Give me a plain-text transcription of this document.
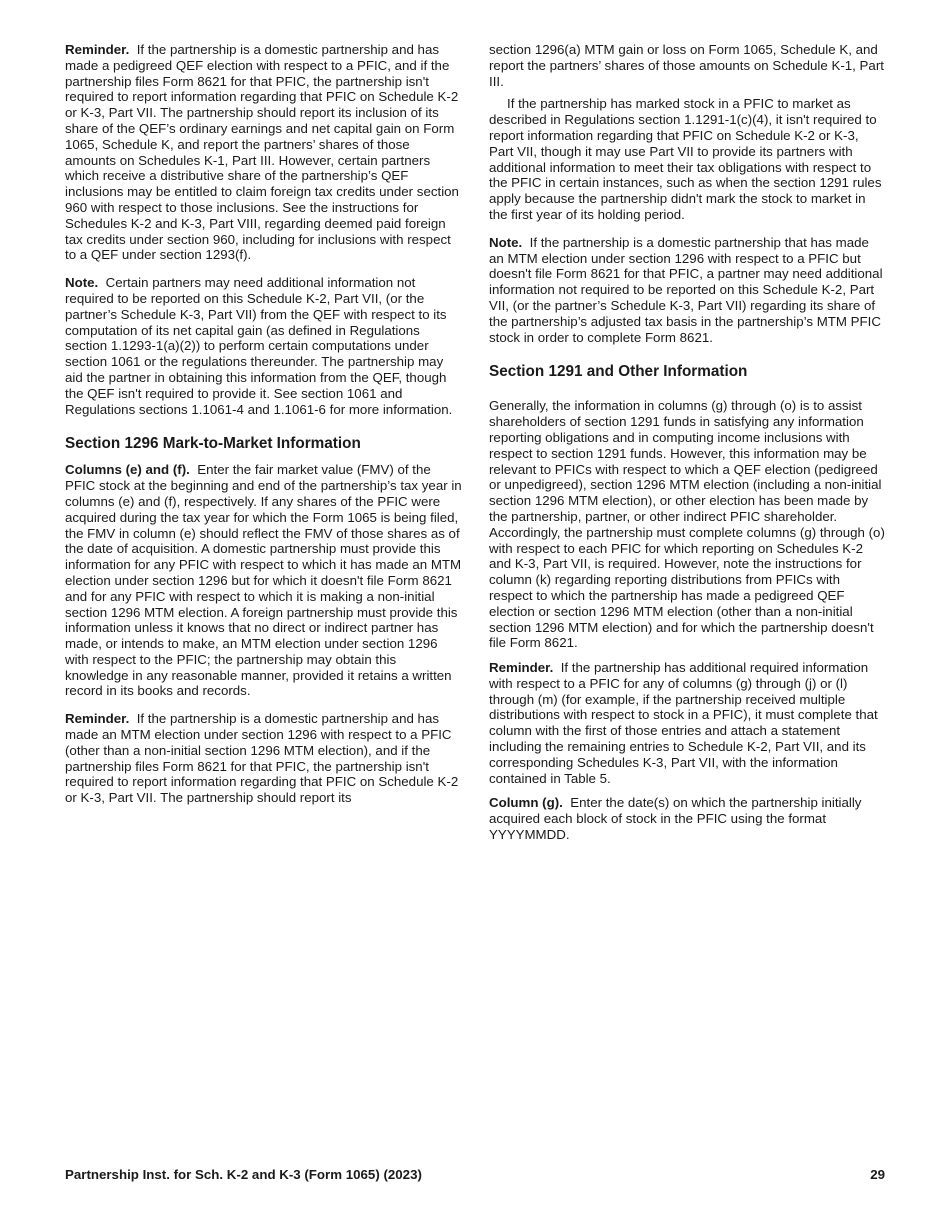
Reminder. If the partnership is a domestic partnership and has made a pedigreed QEF election with respect to a PFIC, and if the partnership files Form 8621 for that PFIC, the partnership isn't required to report information regarding that PFIC on Schedule K-2 or K-3, Part VII. The partnership should report its inclusion of its share of the QEF’s ordinary earnings and net capital gain on Form 1065, Schedule K, and report the partners’ shares of those amounts on Schedules K-1, Part III. However, certain partners which receive a distributive share of the partnership’s QEF inclusions may be entitled to claim foreign tax credits under section 960 with respect to those inclusions. See the instructions for Schedules K-2 and K-3, Part VIII, regarding deemed paid foreign tax credits under section 960, including for inclusions with respect to a QEF under section 1293(f).

Note. Certain partners may need additional information not required to be reported on this Schedule K-2, Part VII, (or the partner’s Schedule K-3, Part VII) from the QEF with respect to its computation of its net capital gain (as defined in Regulations section 1.1293-1(a)(2)) to perform certain computations under section 1061 or the regulations thereunder. The partnership may aid the partner in obtaining this information from the QEF, though the QEF isn't required to provide it. See section 1061 and Regulations sections 1.1061-4 and 1.1061-6 for more information.

Section 1296 Mark-to-Market Information

Columns (e) and (f). Enter the fair market value (FMV) of the PFIC stock at the beginning and end of the partnership’s tax year in columns (e) and (f), respectively. If any shares of the PFIC were acquired during the tax year for which the Form 1065 is being filed, the FMV in column (e) should reflect the FMV of those shares as of the date of acquisition. A domestic partnership must provide this information for any PFIC with respect to which it has made an MTM election under section 1296 but for which it doesn't file Form 8621 and for any PFIC with respect to which it is making a non-initial section 1296 MTM election. A foreign partnership must provide this information unless it knows that no direct or indirect partner has made, or intends to make, an MTM election under section 1296 with respect to the PFIC; the partnership may obtain this knowledge in any reasonable manner, provided it retains a written record in its books and records.

Reminder. If the partnership is a domestic partnership and has made an MTM election under section 1296 with respect to a PFIC (other than a non-initial section 1296 MTM election), and if the partnership files Form 8621 for that PFIC, the partnership isn't required to report information regarding that PFIC on Schedule K-2 or K-3, Part VII. The partnership should report its

section 1296(a) MTM gain or loss on Form 1065, Schedule K, and report the partners’ shares of those amounts on Schedule K-1, Part III.

If the partnership has marked stock in a PFIC to market as described in Regulations section 1.1291-1(c)(4), it isn't required to report information regarding that PFIC on Schedule K-2 or K-3, Part VII, though it may use Part VII to provide its partners with additional information to meet their tax obligations with respect to the PFIC in certain instances, such as when the section 1291 rules apply because the partnership didn't mark the stock to market in the first year of its holding period.

Note. If the partnership is a domestic partnership that has made an MTM election under section 1296 with respect to a PFIC but doesn't file Form 8621 for that PFIC, a partner may need additional information not required to be reported on this Schedule K-2, Part VII, (or the partner’s Schedule K-3, Part VII) regarding its share of the partnership’s adjusted tax basis in the partnership’s MTM PFIC stock in order to complete Form 8621.

Section 1291 and Other Information

Generally, the information in columns (g) through (o) is to assist shareholders of section 1291 funds in satisfying any information reporting obligations and in computing income inclusions with respect to section 1291 funds. However, this information may be relevant to PFICs with respect to which a QEF election (pedigreed or unpedigreed), section 1296 MTM election (including a non-initial section 1296 MTM election), or other election has been made by the partnership, partner, or other indirect PFIC shareholder. Accordingly, the partnership must complete columns (g) through (o) with respect to each PFIC for which reporting on Schedules K-2 and K-3, Part VII, is required. However, note the instructions for column (k) regarding reporting distributions from PFICs with respect to which the partnership has made a pedigreed QEF election or section 1296 MTM election (other than a non-initial section 1296 MTM election) and for which the partnership doesn't file Form 8621.

Reminder. If the partnership has additional required information with respect to a PFIC for any of columns (g) through (j) or (l) through (m) (for example, if the partnership received multiple distributions with respect to stock in a PFIC), it must complete that column with the first of those entries and attach a statement including the remaining entries to Schedule K-2, Part VII, and its corresponding Schedules K-3, Part VII, with the information contained in Table 5.

Column (g). Enter the date(s) on which the partnership initially acquired each block of stock in the PFIC using the format YYYYMMDD.

Partnership Inst. for Sch. K-2 and K-3 (Form 1065) (2023)	29
